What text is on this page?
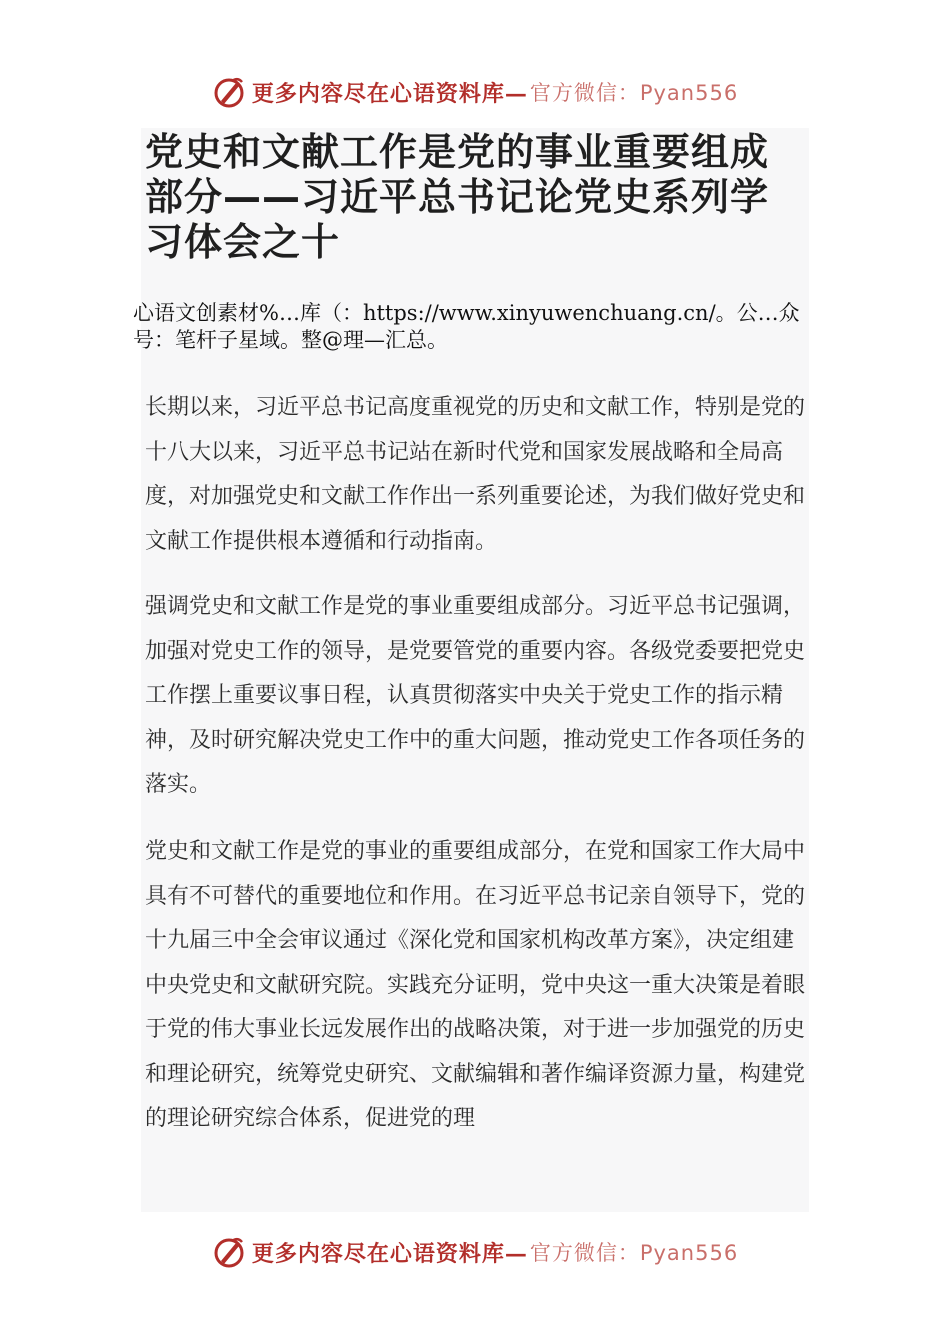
更多内容尽在心语资料库— 官方微信：Pyan556
党史和文献工作是党的事业重要组成部分——习近平总书记论党史系列学习体会之十

心语文创素材%…库（：https://www.xinyuwenchuang.cn/。公…众号：笔杆子星域。整@理—汇总。

长期以来，习近平总书记高度重视党的历史和文献工作，特别是党的十八大以来，习近平总书记站在新时代党和国家发展战略和全局高度，对加强党史和文献工作作出一系列重要论述，为我们做好党史和文献工作提供根本遵循和行动指南。

强调党史和文献工作是党的事业重要组成部分。习近平总书记强调，加强对党史工作的领导，是党要管党的重要内容。各级党委要把党史工作摆上重要议事日程，认真贯彻落实中央关于党史工作的指示精神，及时研究解决党史工作中的重大问题，推动党史工作各项任务的落实。

党史和文献工作是党的事业的重要组成部分，在党和国家工作大局中具有不可替代的重要地位和作用。在习近平总书记亲自领导下，党的十九届三中全会审议通过《深化党和国家机构改革方案》，决定组建中央党史和文献研究院。实践充分证明，党中央这一重大决策是着眼于党的伟大事业长远发展作出的战略决策，对于进一步加强党的历史和理论研究，统筹党史研究、文献编辑和著作编译资源力量，构建党的理论研究综合体系，促进党的理

更多内容尽在心语资料库— 官方微信：Pyan556
